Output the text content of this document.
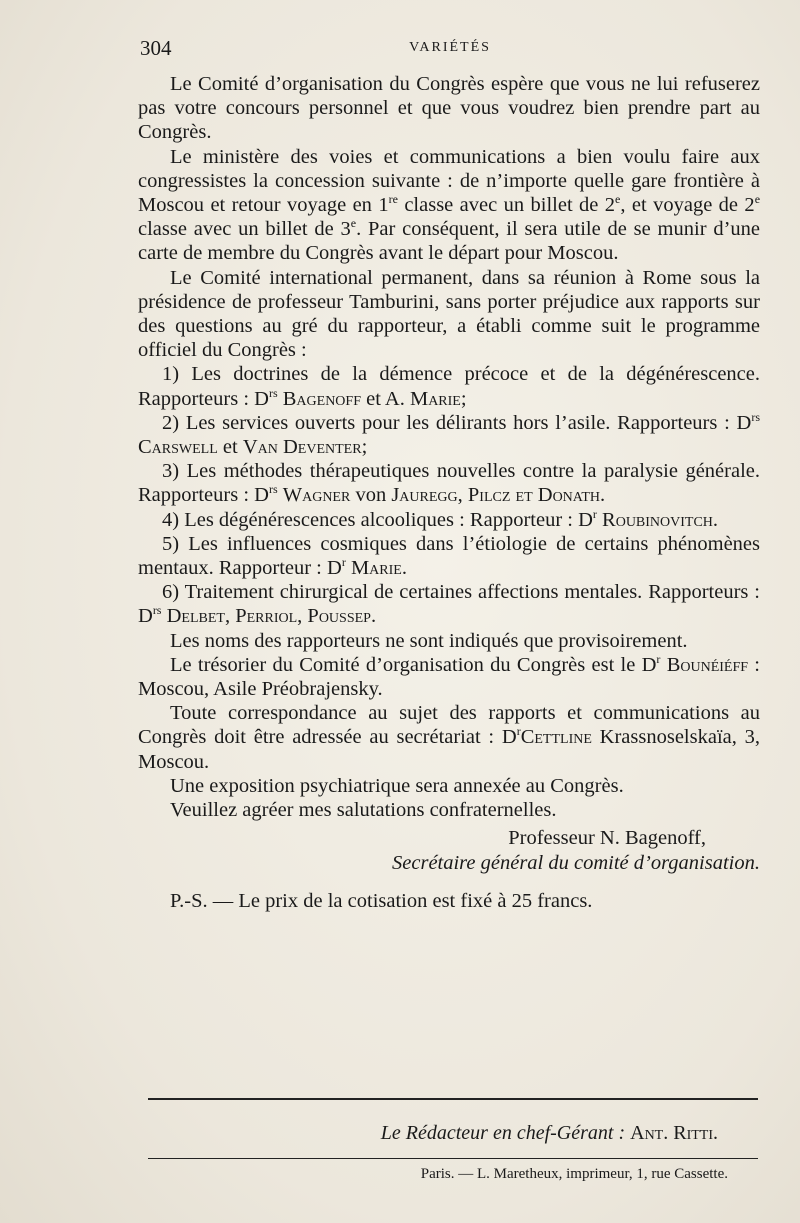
304	VARIÉTÉS

Le Comité d’organisation du Congrès espère que vous ne lui refuserez pas votre concours personnel et que vous voudrez bien prendre part au Congrès.

Le ministère des voies et communications a bien voulu faire aux congressistes la concession suivante : de n’importe quelle gare frontière à Moscou et retour voyage en 1re classe avec un billet de 2e, et voyage de 2e classe avec un billet de 3e. Par conséquent, il sera utile de se munir d’une carte de membre du Congrès avant le départ pour Moscou.

Le Comité international permanent, dans sa réunion à Rome sous la présidence de professeur Tamburini, sans porter préjudice aux rapports sur des questions au gré du rapporteur, a établi comme suit le programme officiel du Congrès :

1) Les doctrines de la démence précoce et de la dégénérescence. Rapporteurs : $D^{rs}$ Bagenoff et A. Marie;

2) Les services ouverts pour les délirants hors l’asile. Rapporteurs : $D^{rs}$ Carswell et Van Deventer;

3) Les méthodes thérapeutiques nouvelles contre la paralysie générale. Rapporteurs : $D^{rs}$ Wagner von Jauregg, Pilcz et Donath.

4) Les dégénérescences alcooliques : Rapporteur : $D^r$ Roubinovitch.

5) Les influences cosmiques dans l’étiologie de certains phénomènes mentaux. Rapporteur : $D^r$ Marie.

6) Traitement chirurgical de certaines affections mentales. Rapporteurs : $D^{rs}$ Delbet, Perriol, Poussep.

Les noms des rapporteurs ne sont indiqués que provisoirement.

Le trésorier du Comité d’organisation du Congrès est le $D^r$ Bounéiéff : Moscou, Asile Préobrajensky.

Toute correspondance au sujet des rapports et communications au Congrès doit être adressée au secrétariat : $D^rCettline$ Krassnoselskaïa, 3, Moscou.

Une exposition psychiatrique sera annexée au Congrès.

Veuillez agréer mes salutations confraternelles.

Professeur N. Bagenoff,
Secrétaire général du comité d’organisation.

P.-S. — Le prix de la cotisation est fixé à 25 francs.

Le Rédacteur en chef-Gérant : Ant. Ritti.
Paris. — L. Maretheux, imprimeur, 1, rue Cassette.
